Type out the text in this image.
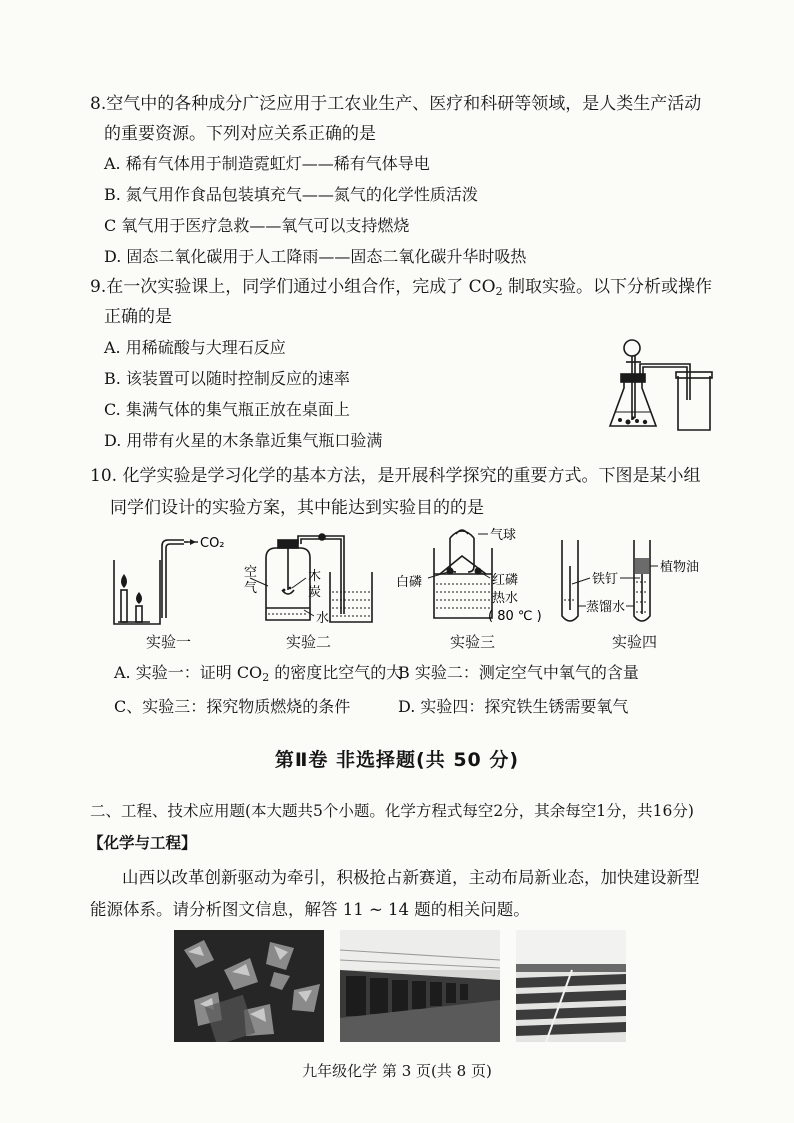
8.空气中的各种成分广泛应用于工农业生产、医疗和科研等领域，是人类生产活动
的重要资源。下列对应关系正确的是
A. 稀有气体用于制造霓虹灯——稀有气体导电
B. 氮气用作食品包装填充气——氮气的化学性质活泼
C 氧气用于医疗急救——氧气可以支持燃烧
D. 固态二氧化碳用于人工降雨——固态二氧化碳升华时吸热
9.在一次实验课上，同学们通过小组合作，完成了 $CO_2$ 制取实验。以下分析或操作
正确的是
A. 用稀硫酸与大理石反应
B. 该装置可以随时控制反应的速率
C. 集满气体的集气瓶正放在桌面上
D. 用带有火星的木条靠近集气瓶口验满
10. 化学实验是学习化学的基本方法，是开展科学探究的重要方式。下图是某小组
同学们设计的实验方案，其中能达到实验目的的是
CO₂
空
气
木
炭
水
气球
白磷	红磷
热水
( 80 ℃ )
铁钉
植物油
蒸馏水
实验一	实验二	实验三	实验四
A. 实验一：证明 $CO_2$ 的密度比空气的大
B 实验二：测定空气中氧气的含量
C、实验三：探究物质燃烧的条件	D. 实验四：探究铁生锈需要氧气
第Ⅱ卷 非选择题(共 50 分)
二、工程、技术应用题(本大题共5个小题。化学方程式每空2分，其余每空1分，共16分)
【化学与工程】
山西以改革创新驱动为牵引，积极抢占新赛道，主动布局新业态，加快建设新型
能源体系。请分析图文信息，解答 11 ~ 14 题的相关问题。
九年级化学 第 3 页(共 8 页)
